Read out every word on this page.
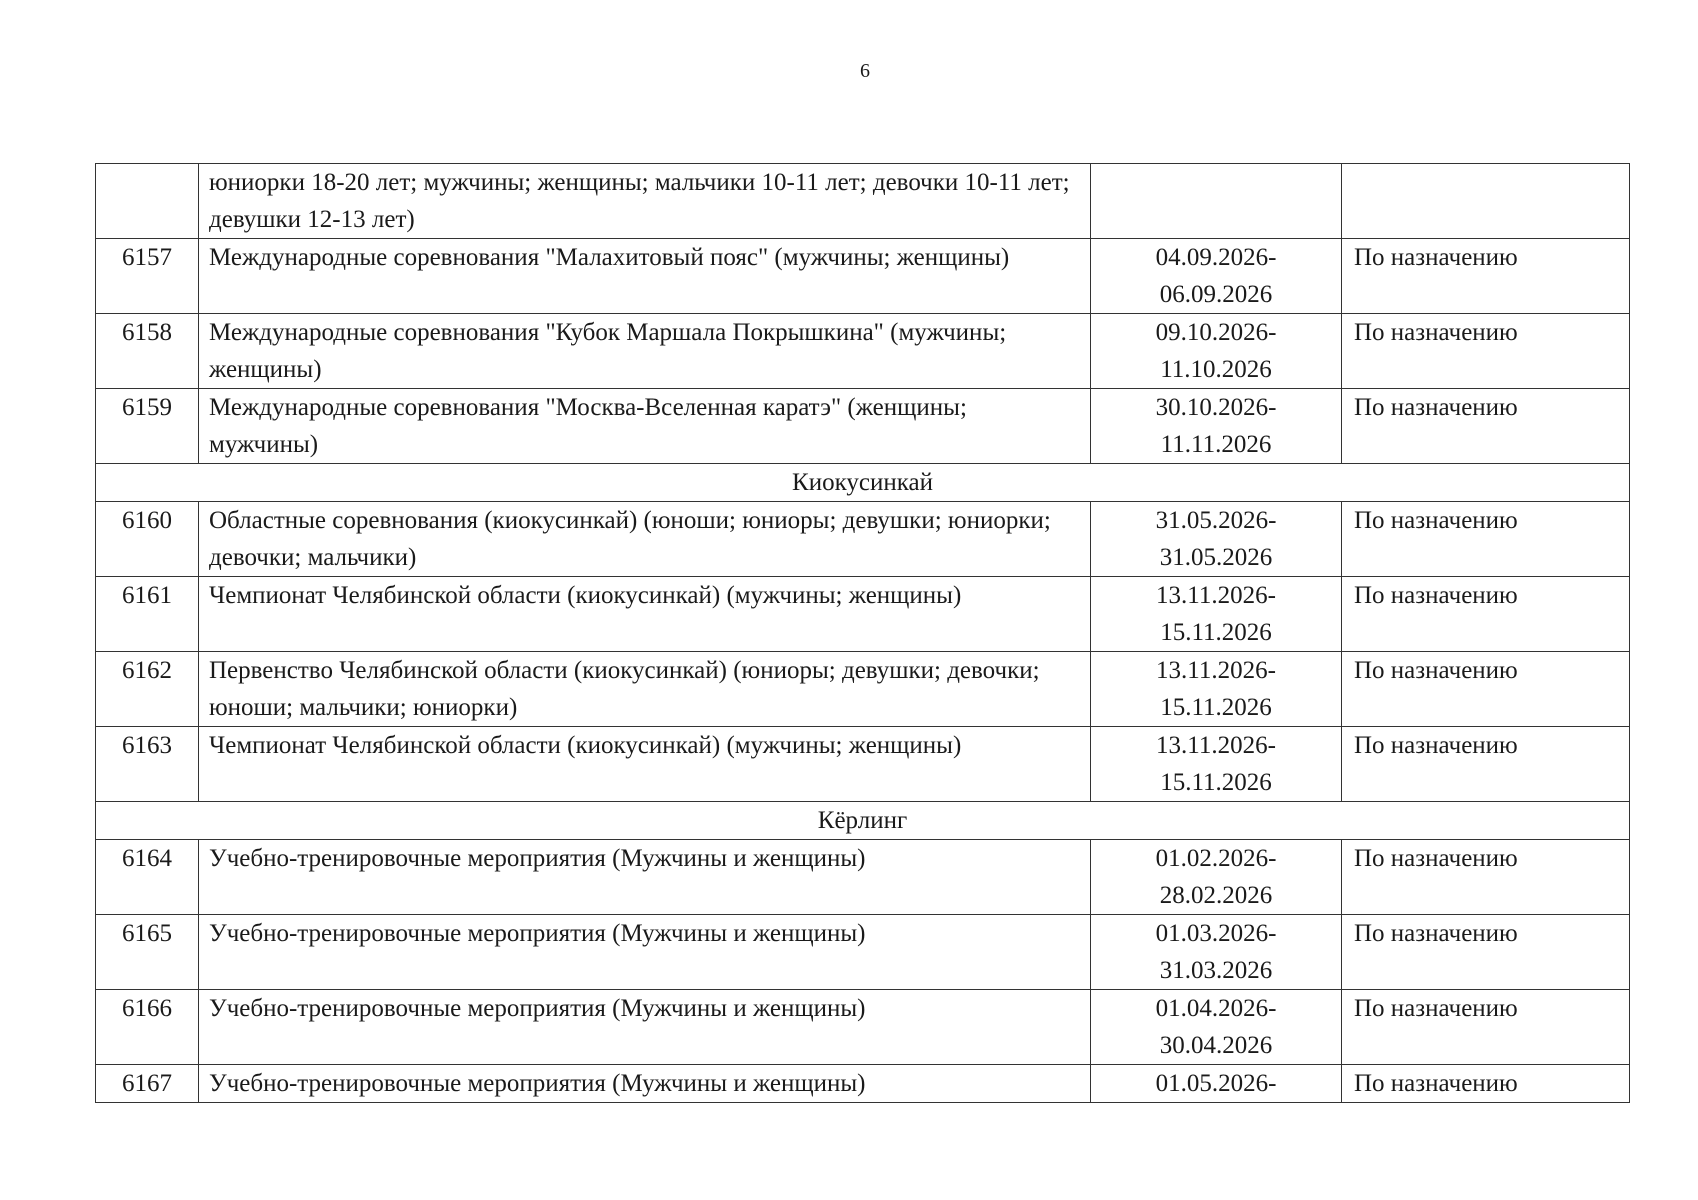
6
	юниорки 18-20 лет; мужчины; женщины; мальчики 10-11 лет; девочки 10-11 лет; девушки 12-13 лет)	

6157	Международные соревнования "Малахитовый пояс" (мужчины; женщины)	04.09.2026-
06.09.2026	По назначению
6158	Международные соревнования "Кубок Маршала Покрышкина" (мужчины; женщины)	09.10.2026-
11.10.2026	По назначению
6159	Международные соревнования "Москва-Вселенная каратэ" (женщины; мужчины)	30.10.2026-
11.11.2026	По назначению
Киокусинкай			
6160	Областные соревнования (киокусинкай) (юноши; юниоры; девушки; юниорки; девочки; мальчики)	31.05.2026-
31.05.2026	По назначению
6161	Чемпионат Челябинской области (киокусинкай) (мужчины; женщины)	13.11.2026-
15.11.2026	По назначению
6162	Первенство Челябинской области (киокусинкай) (юниоры; девушки; девочки; юноши; мальчики; юниорки)	13.11.2026-
15.11.2026	По назначению
6163	Чемпионат Челябинской области (киокусинкай) (мужчины; женщины)	13.11.2026-
15.11.2026	По назначению
Кёрлинг			
6164	Учебно-тренировочные мероприятия (Мужчины и женщины)	01.02.2026-
28.02.2026	По назначению
6165	Учебно-тренировочные мероприятия (Мужчины и женщины)	01.03.2026-
31.03.2026	По назначению
6166	Учебно-тренировочные мероприятия (Мужчины и женщины)	01.04.2026-
30.04.2026	По назначению
6167	Учебно-тренировочные мероприятия (Мужчины и женщины)	01.05.2026-	По назначению
